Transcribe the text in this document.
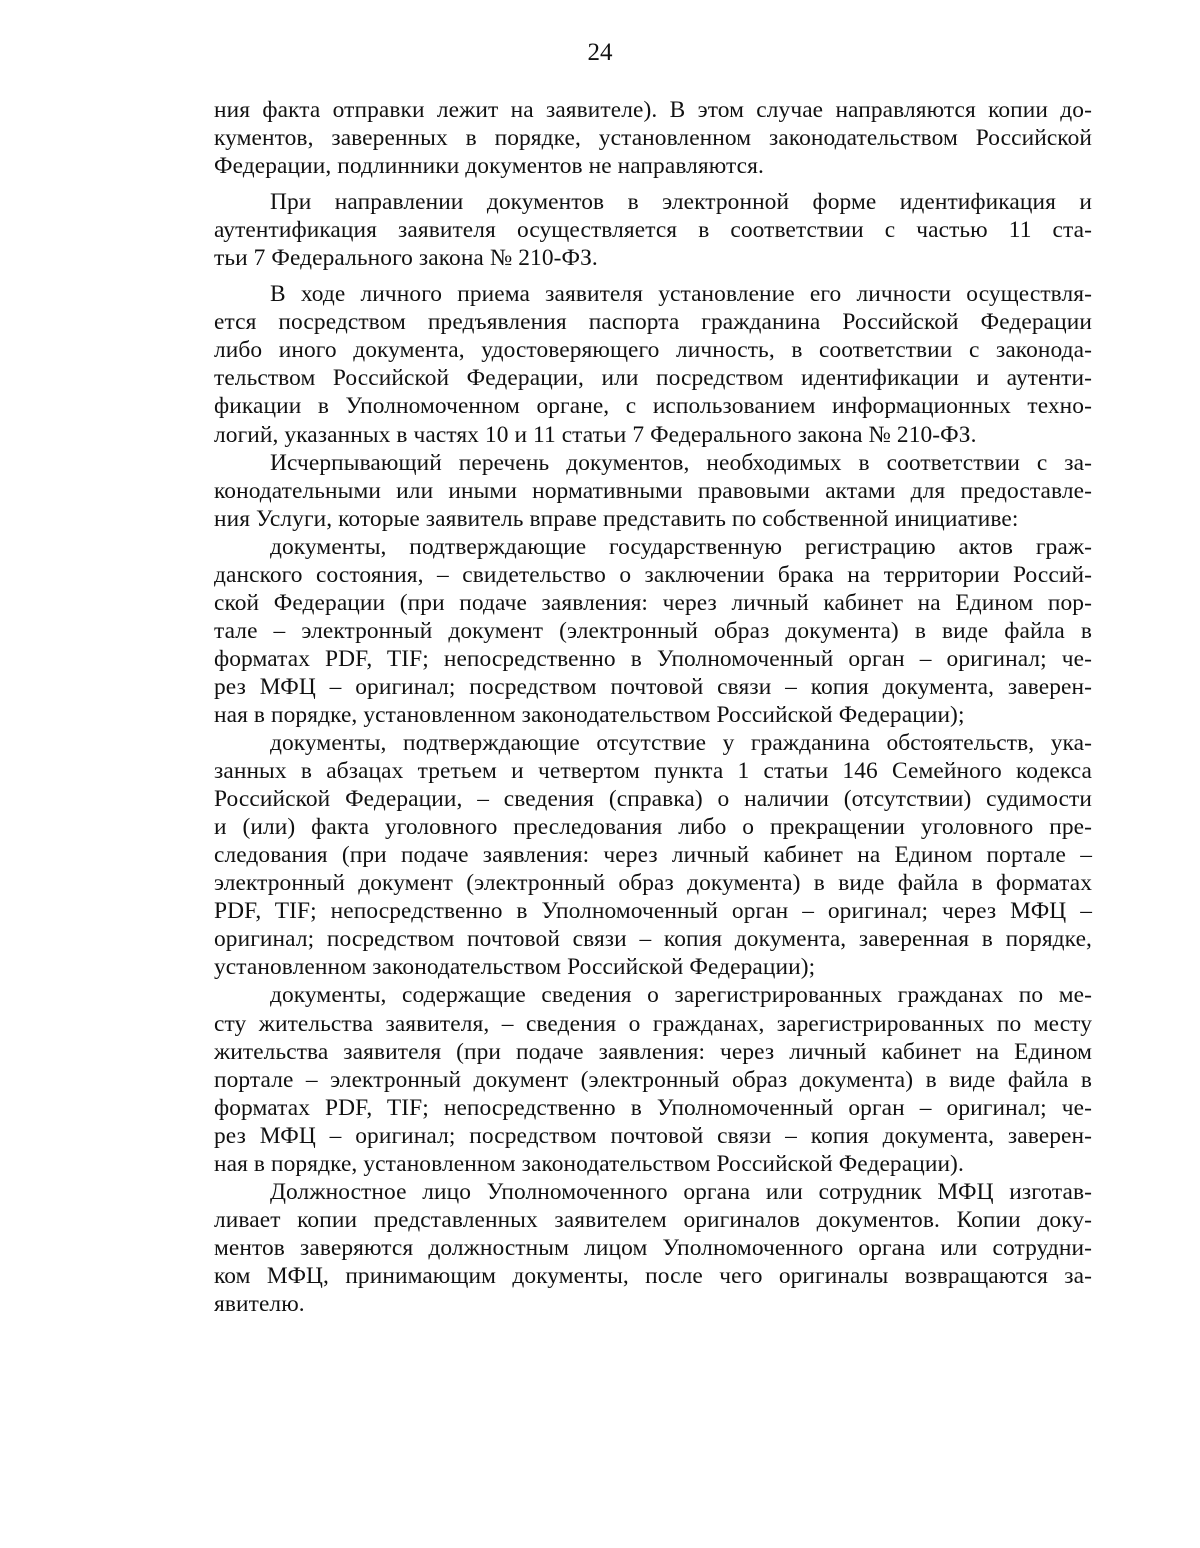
24
ния факта отправки лежит на заявителе). В этом случае направляются копии до-
кументов, заверенных в порядке, установленном законодательством Российской
Федерации, подлинники документов не направляются.
При направлении документов в электронной форме идентификация и
аутентификация заявителя осуществляется в соответствии с частью 11 ста-
тьи 7 Федерального закона № 210-ФЗ.
В ходе личного приема заявителя установление его личности осуществля-
ется посредством предъявления паспорта гражданина Российской Федерации
либо иного документа, удостоверяющего личность, в соответствии с законода-
тельством Российской Федерации, или посредством идентификации и аутенти-
фикации в Уполномоченном органе, с использованием информационных техно-
логий, указанных в частях 10 и 11 статьи 7 Федерального закона № 210-ФЗ.
Исчерпывающий перечень документов, необходимых в соответствии с за-
конодательными или иными нормативными правовыми актами для предоставле-
ния Услуги, которые заявитель вправе представить по собственной инициативе:
документы, подтверждающие государственную регистрацию актов граж-
данского состояния, – свидетельство о заключении брака на территории Россий-
ской Федерации (при подаче заявления: через личный кабинет на Едином пор-
тале – электронный документ (электронный образ документа) в виде файла в
форматах PDF, TIF; непосредственно в Уполномоченный орган – оригинал; че-
рез МФЦ – оригинал; посредством почтовой связи – копия документа, заверен-
ная в порядке, установленном законодательством Российской Федерации);
документы, подтверждающие отсутствие у гражданина обстоятельств, ука-
занных в абзацах третьем и четвертом пункта 1 статьи 146 Семейного кодекса
Российской Федерации, – сведения (справка) о наличии (отсутствии) судимости
и (или) факта уголовного преследования либо о прекращении уголовного пре-
следования (при подаче заявления: через личный кабинет на Едином портале –
электронный документ (электронный образ документа) в виде файла в форматах
PDF, TIF; непосредственно в Уполномоченный орган – оригинал; через МФЦ –
оригинал; посредством почтовой связи – копия документа, заверенная в порядке,
установленном законодательством Российской Федерации);
документы, содержащие сведения о зарегистрированных гражданах по ме-
сту жительства заявителя, – сведения о гражданах, зарегистрированных по месту
жительства заявителя (при подаче заявления: через личный кабинет на Едином
портале – электронный документ (электронный образ документа) в виде файла в
форматах PDF, TIF; непосредственно в Уполномоченный орган – оригинал; че-
рез МФЦ – оригинал; посредством почтовой связи – копия документа, заверен-
ная в порядке, установленном законодательством Российской Федерации).
Должностное лицо Уполномоченного органа или сотрудник МФЦ изготав-
ливает копии представленных заявителем оригиналов документов. Копии доку-
ментов заверяются должностным лицом Уполномоченного органа или сотрудни-
ком МФЦ, принимающим документы, после чего оригиналы возвращаются за-
явителю.
